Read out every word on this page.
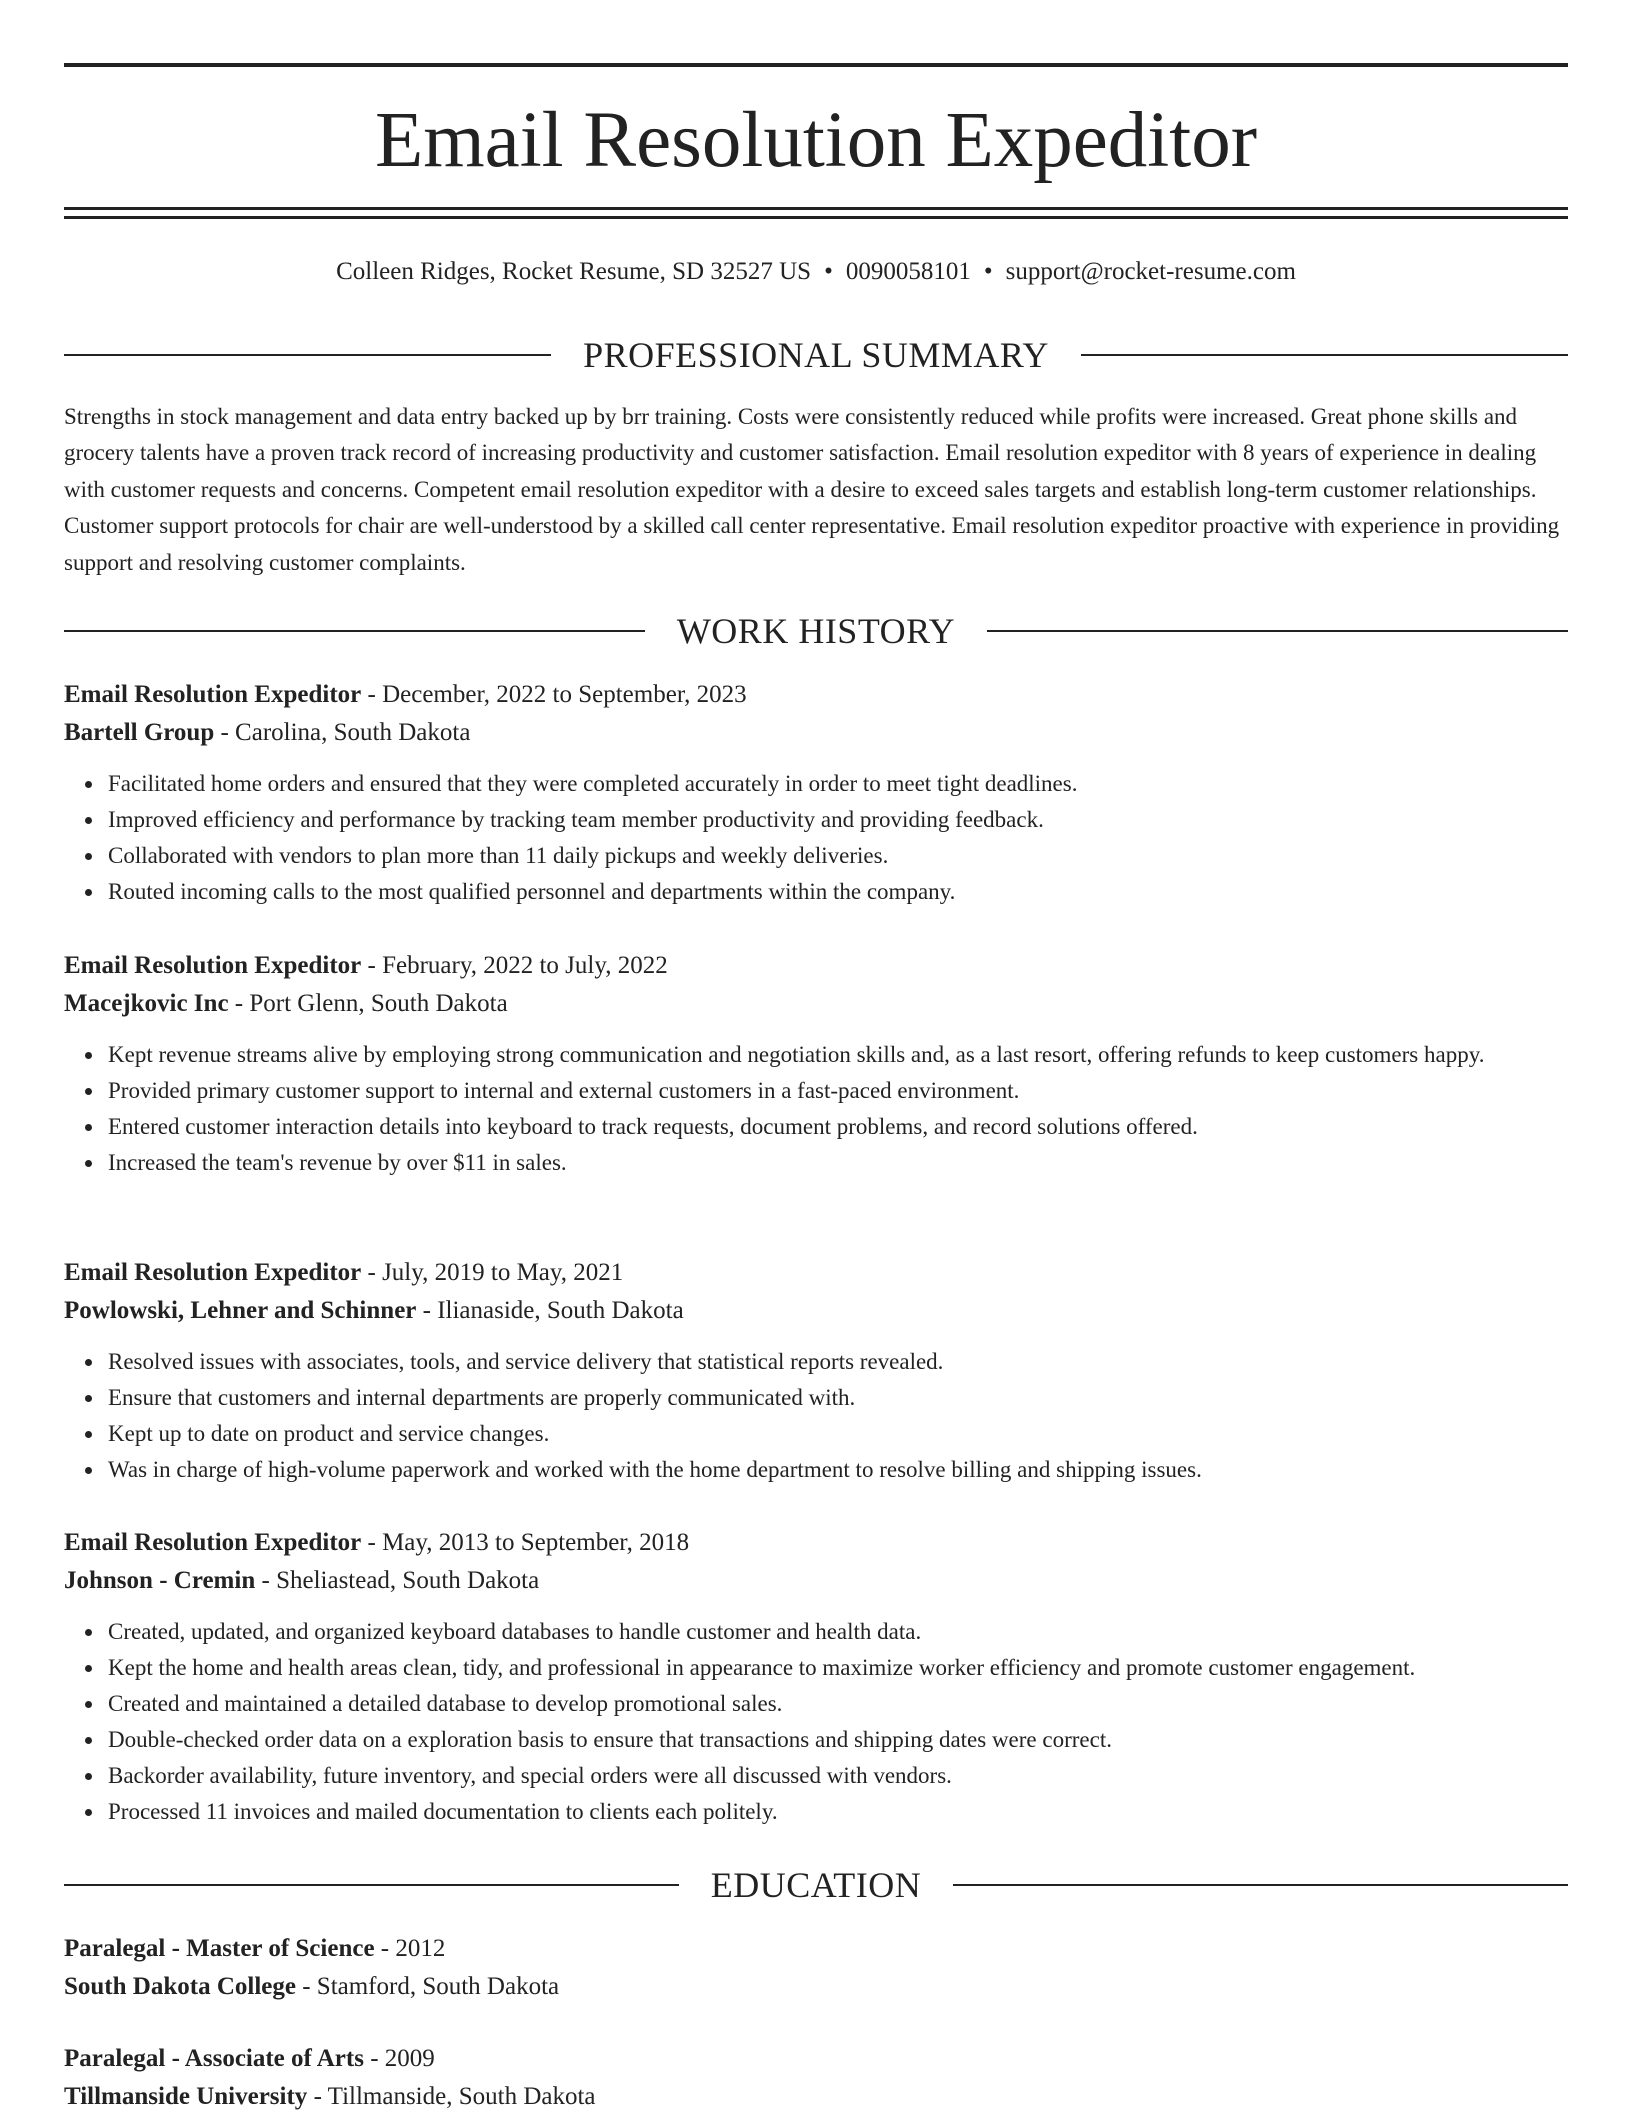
Email Resolution Expeditor
Colleen Ridges, Rocket Resume, SD 32527 US • 0090058101 • support@rocket-resume.com
PROFESSIONAL SUMMARY

Strengths in stock management and data entry backed up by brr training. Costs were consistently reduced while profits were increased. Great phone skills and grocery talents have a proven track record of increasing productivity and customer satisfaction. Email resolution expeditor with 8 years of experience in dealing with customer requests and concerns. Competent email resolution expeditor with a desire to exceed sales targets and establish long-term customer relationships. Customer support protocols for chair are well-understood by a skilled call center representative. Email resolution expeditor proactive with experience in providing support and resolving customer complaints.

WORK HISTORY
Email Resolution Expeditor - December, 2022 to September, 2023
Bartell Group - Carolina, South Dakota
Facilitated home orders and ensured that they were completed accurately in order to meet tight deadlines.
Improved efficiency and performance by tracking team member productivity and providing feedback.
Collaborated with vendors to plan more than 11 daily pickups and weekly deliveries.
Routed incoming calls to the most qualified personnel and departments within the company.
Email Resolution Expeditor - February, 2022 to July, 2022
Macejkovic Inc - Port Glenn, South Dakota
Kept revenue streams alive by employing strong communication and negotiation skills and, as a last resort, offering refunds to keep customers happy.
Provided primary customer support to internal and external customers in a fast-paced environment.
Entered customer interaction details into keyboard to track requests, document problems, and record solutions offered.
Increased the team's revenue by over $11 in sales.
Email Resolution Expeditor - July, 2019 to May, 2021
Powlowski, Lehner and Schinner - Ilianaside, South Dakota
Resolved issues with associates, tools, and service delivery that statistical reports revealed.
Ensure that customers and internal departments are properly communicated with.
Kept up to date on product and service changes.
Was in charge of high-volume paperwork and worked with the home department to resolve billing and shipping issues.
Email Resolution Expeditor - May, 2013 to September, 2018
Johnson - Cremin - Sheliastead, South Dakota
Created, updated, and organized keyboard databases to handle customer and health data.
Kept the home and health areas clean, tidy, and professional in appearance to maximize worker efficiency and promote customer engagement.
Created and maintained a detailed database to develop promotional sales.
Double-checked order data on a exploration basis to ensure that transactions and shipping dates were correct.
Backorder availability, future inventory, and special orders were all discussed with vendors.
Processed 11 invoices and mailed documentation to clients each politely.
EDUCATION
Paralegal - Master of Science - 2012
South Dakota College - Stamford, South Dakota
Paralegal - Associate of Arts - 2009
Tillmanside University - Tillmanside, South Dakota
